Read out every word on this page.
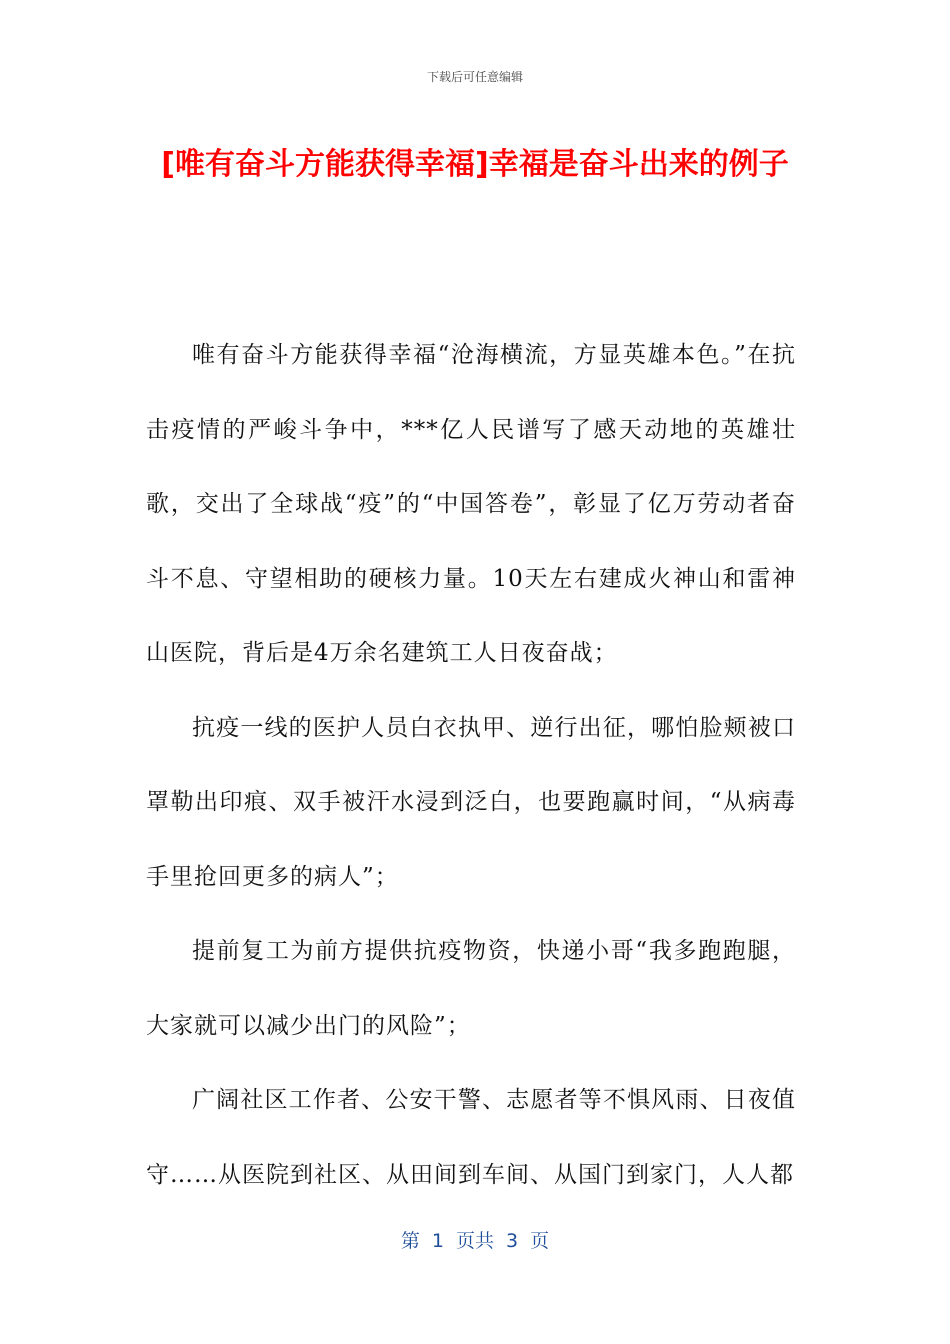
下载后可任意编辑
[唯有奋斗方能获得幸福]幸福是奋斗出来的例子

唯有奋斗方能获得幸福“沧海横流，方显英雄本色。”在抗击疫情的严峻斗争中，***亿人民谱写了感天动地的英雄壮歌，交出了全球战“疫”的“中国答卷”，彰显了亿万劳动者奋斗不息、守望相助的硬核力量。10天左右建成火神山和雷神山医院，背后是4万余名建筑工人日夜奋战；

抗疫一线的医护人员白衣执甲、逆行出征，哪怕脸颊被口罩勒出印痕、双手被汗水浸到泛白，也要跑赢时间，“从病毒手里抢回更多的病人”；

提前复工为前方提供抗疫物资，快递小哥“我多跑跑腿，大家就可以减少出门的风险”；

广阔社区工作者、公安干警、志愿者等不惧风雨、日夜值守……从医院到社区、从田间到车间、从国门到家门，人人都

第 1 页共 3 页
